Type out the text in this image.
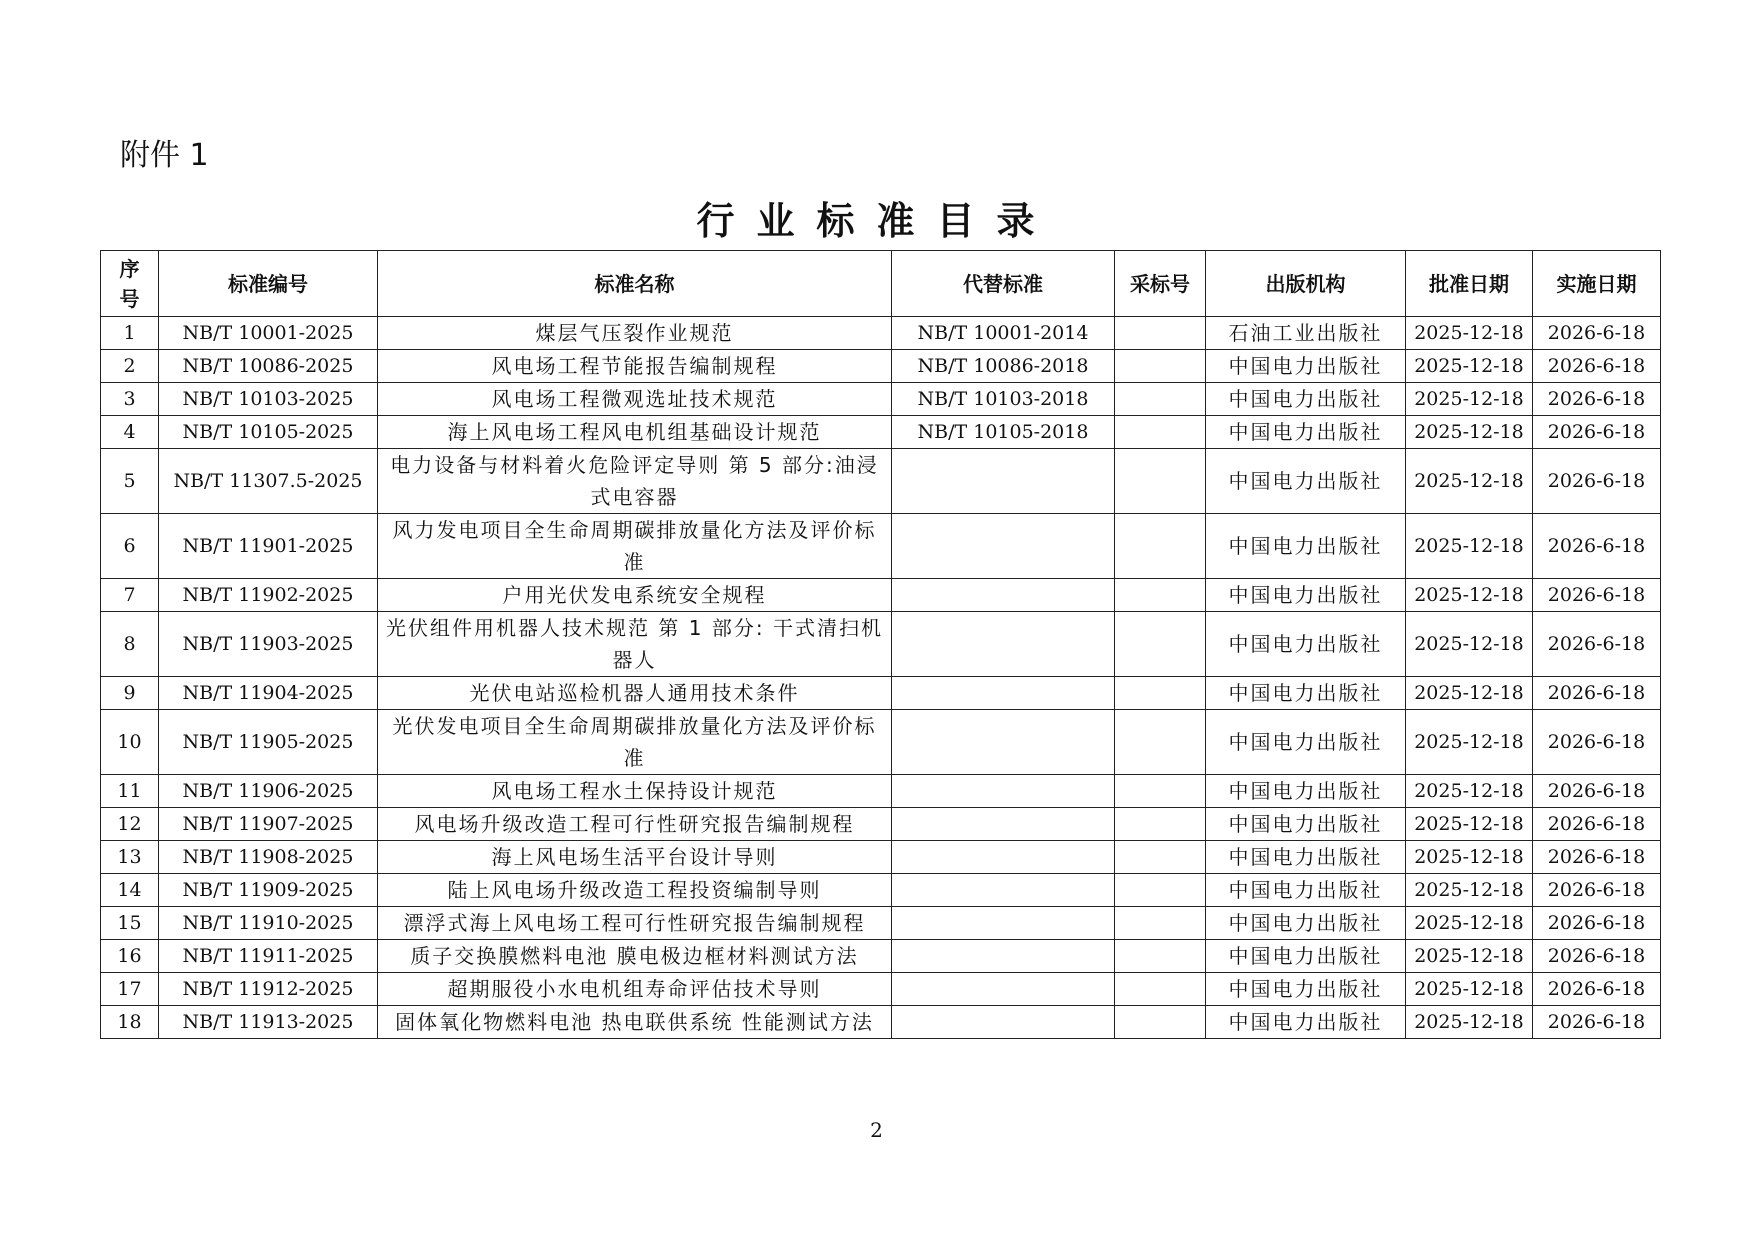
附件 1
行业标准目录
序号	标准编号	标准名称	代替标准	采标号	出版机构	批准日期	实施日期
1	NB/T 10001-2025	煤层气压裂作业规范	NB/T 10001-2014		石油工业出版社	2025-12-18	2026-6-18
2	NB/T 10086-2025	风电场工程节能报告编制规程	NB/T 10086-2018		中国电力出版社	2025-12-18	2026-6-18
3	NB/T 10103-2025	风电场工程微观选址技术规范	NB/T 10103-2018		中国电力出版社	2025-12-18	2026-6-18
4	NB/T 10105-2025	海上风电场工程风电机组基础设计规范	NB/T 10105-2018		中国电力出版社	2025-12-18	2026-6-18
5	NB/T 11307.5-2025	电力设备与材料着火危险评定导则 第 5 部分:油浸式电容器			中国电力出版社	2025-12-18	2026-6-18
6	NB/T 11901-2025	风力发电项目全生命周期碳排放量化方法及评价标准			中国电力出版社	2025-12-18	2026-6-18
7	NB/T 11902-2025	户用光伏发电系统安全规程			中国电力出版社	2025-12-18	2026-6-18
8	NB/T 11903-2025	光伏组件用机器人技术规范 第 1 部分: 干式清扫机器人			中国电力出版社	2025-12-18	2026-6-18
9	NB/T 11904-2025	光伏电站巡检机器人通用技术条件			中国电力出版社	2025-12-18	2026-6-18
10	NB/T 11905-2025	光伏发电项目全生命周期碳排放量化方法及评价标准			中国电力出版社	2025-12-18	2026-6-18
11	NB/T 11906-2025	风电场工程水土保持设计规范			中国电力出版社	2025-12-18	2026-6-18
12	NB/T 11907-2025	风电场升级改造工程可行性研究报告编制规程			中国电力出版社	2025-12-18	2026-6-18
13	NB/T 11908-2025	海上风电场生活平台设计导则			中国电力出版社	2025-12-18	2026-6-18
14	NB/T 11909-2025	陆上风电场升级改造工程投资编制导则			中国电力出版社	2025-12-18	2026-6-18
15	NB/T 11910-2025	漂浮式海上风电场工程可行性研究报告编制规程			中国电力出版社	2025-12-18	2026-6-18
16	NB/T 11911-2025	质子交换膜燃料电池 膜电极边框材料测试方法			中国电力出版社	2025-12-18	2026-6-18
17	NB/T 11912-2025	超期服役小水电机组寿命评估技术导则			中国电力出版社	2025-12-18	2026-6-18
18	NB/T 11913-2025	固体氧化物燃料电池 热电联供系统 性能测试方法			中国电力出版社	2025-12-18	2026-6-18
2
